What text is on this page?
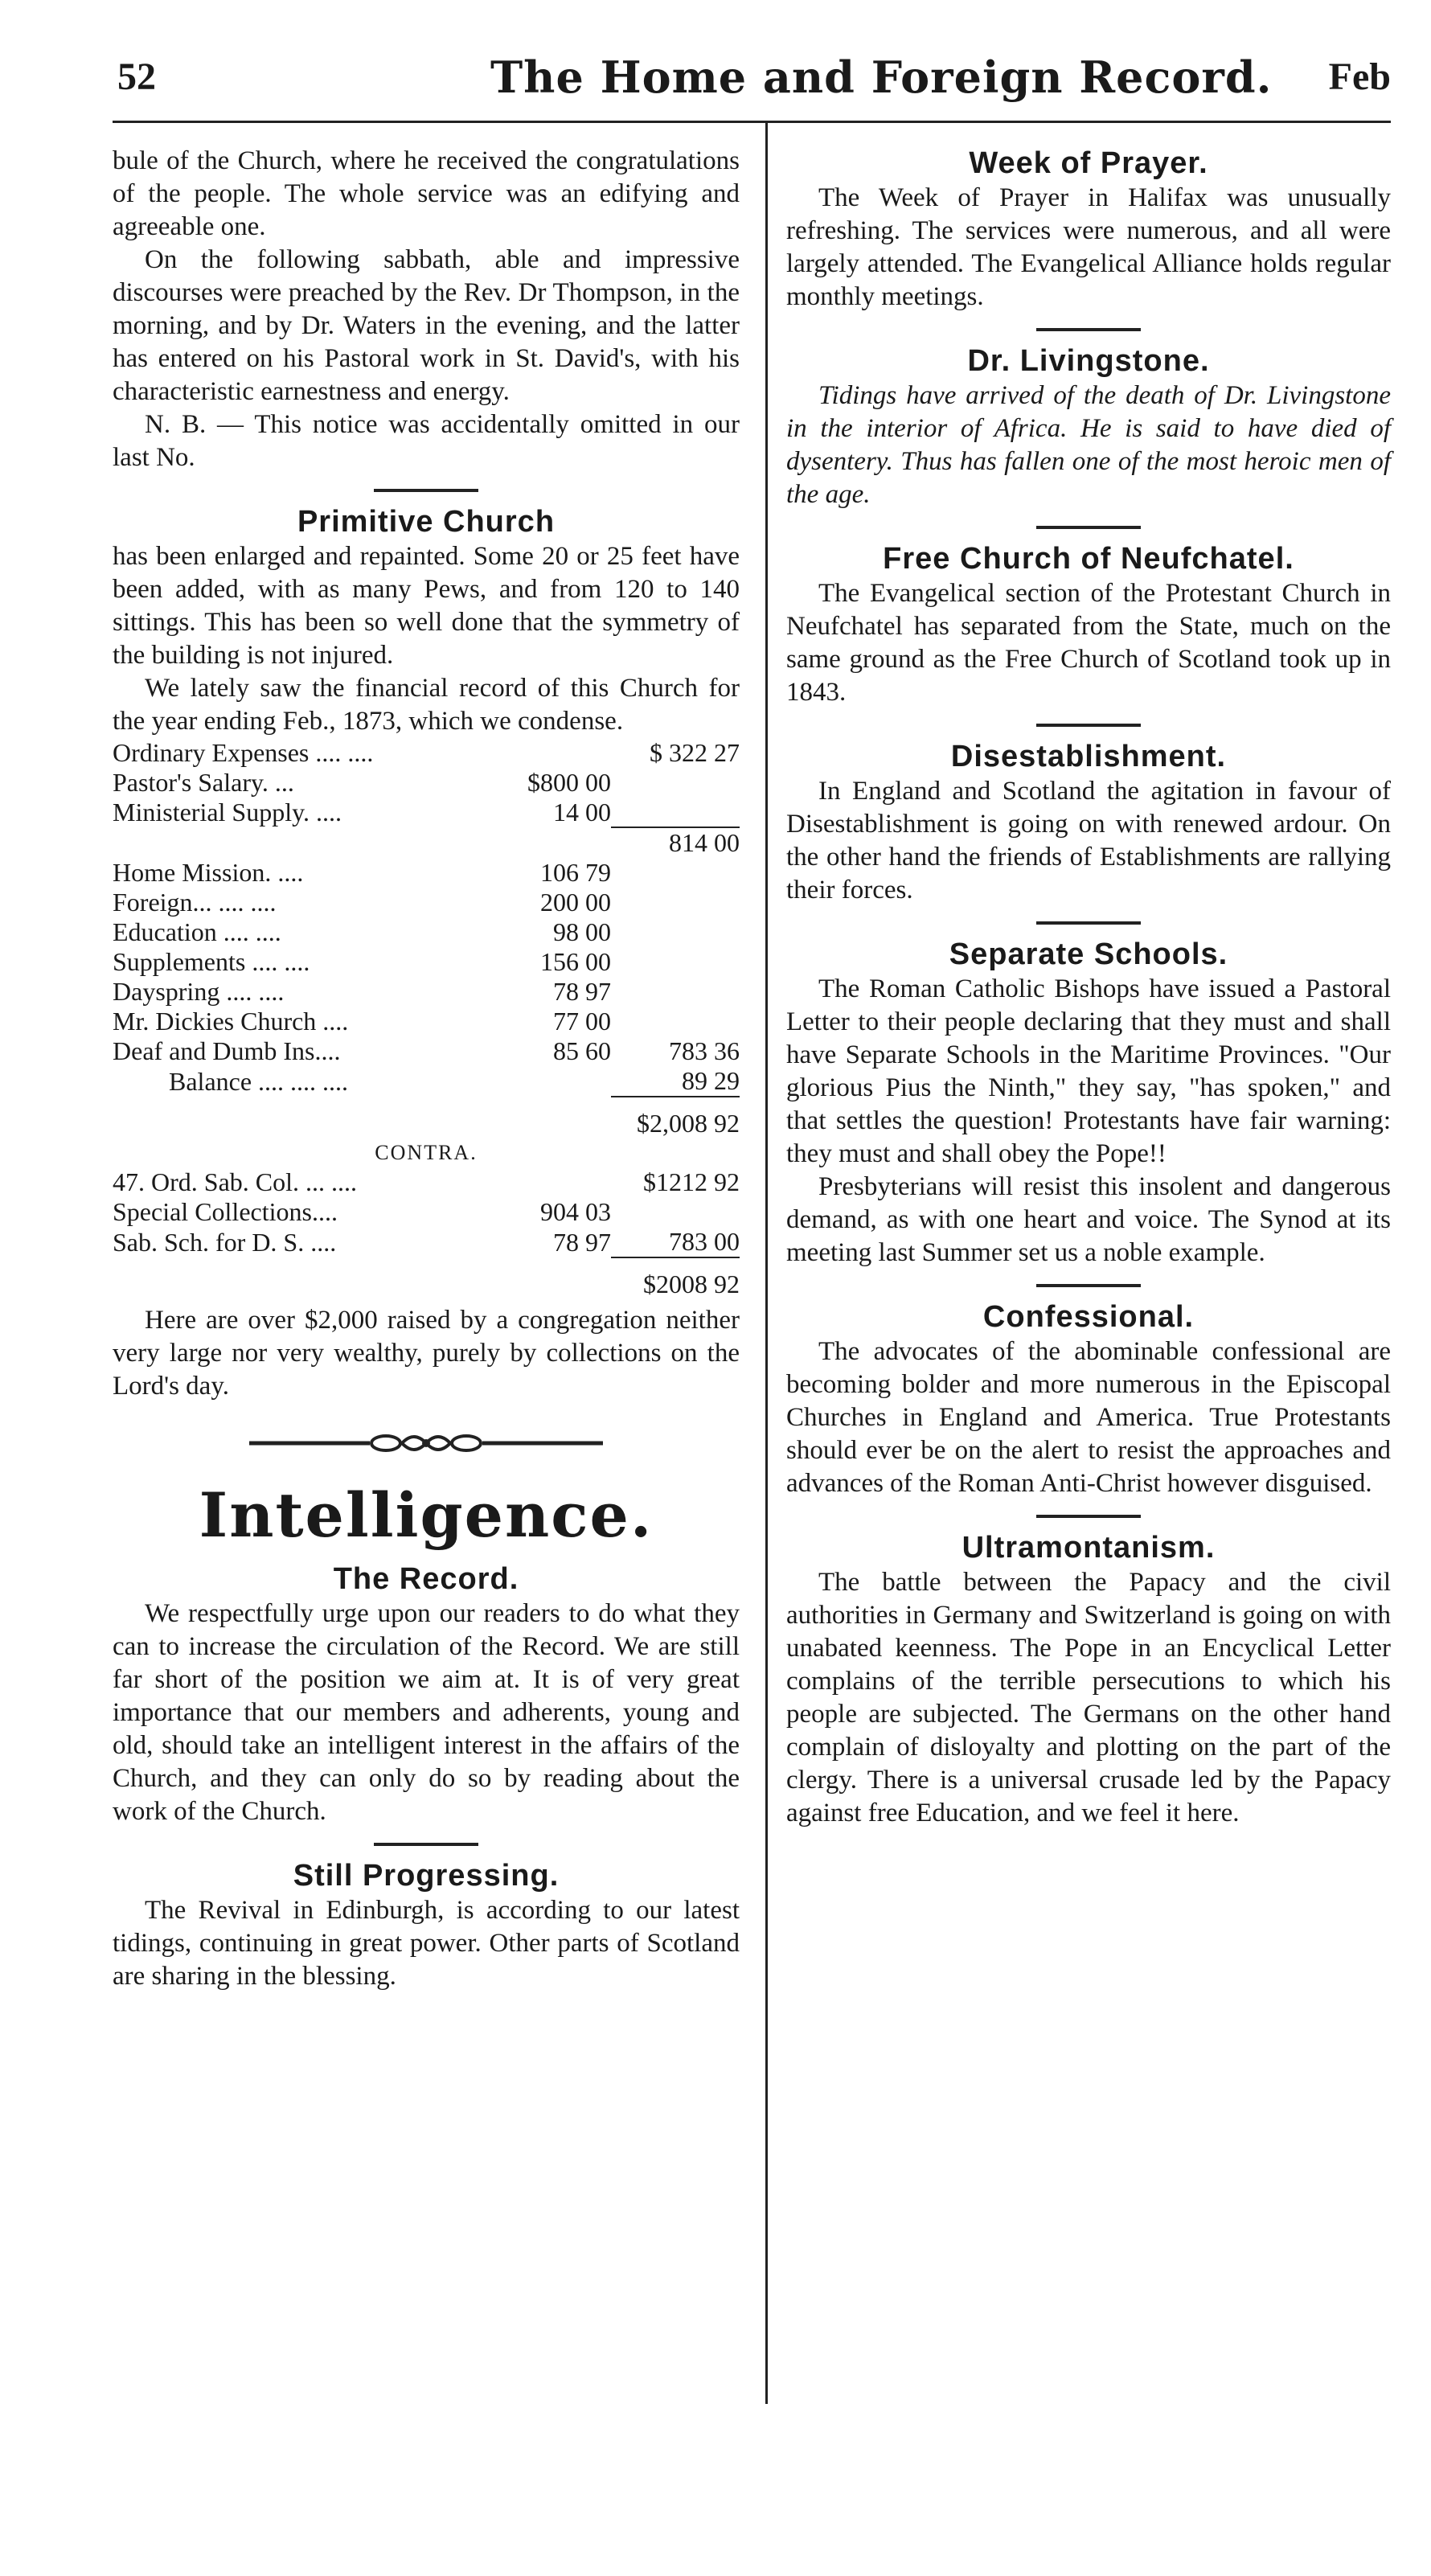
52	The Home and Foreign Record. Feb

bule of the Church, where he received the congratulations of the people. The whole service was an edifying and agreeable one.

On the following sabbath, able and impressive discourses were preached by the Rev. Dr Thompson, in the morning, and by Dr. Waters in the evening, and the latter has entered on his Pastoral work in St. David's, with his characteristic earnestness and energy.

N. B. — This notice was accidentally omitted in our last No.

Primitive Church

has been enlarged and repainted. Some 20 or 25 feet have been added, with as many Pews, and from 120 to 140 sittings. This has been so well done that the symmetry of the building is not injured.

We lately saw the financial record of this Church for the year ending Feb., 1873, which we condense.

Ordinary Expenses .... ....		$ 322 27
Pastor's Salary. ...	$800 00	
Ministerial Supply. ....	14 00	
		814 00
Home Mission. ....	106 79	
Foreign... .... ....	200 00	
Education .... ....	98 00	
Supplements .... ....	156 00	
Dayspring .... ....	78 97	
Mr. Dickies Church ....	77 00	
Deaf and Dumb Ins....	85 60	783 36
Balance .... .... ....		89 29
		$2,008 92
CONTRA.		
47. Ord. Sab. Col. ... ....		$1212 92
Special Collections....	904 03	
Sab. Sch. for D. S. ....	78 97	783 00
		$2008 92

Here are over $2,000 raised by a congregation neither very large nor very wealthy, purely by collections on the Lord's day.

Intelligence.
The Record.

We respectfully urge upon our readers to do what they can to increase the circulation of the Record. We are still far short of the position we aim at. It is of very great importance that our members and adherents, young and old, should take an intelligent interest in the affairs of the Church, and they can only do so by reading about the work of the Church.

Still Progressing.

The Revival in Edinburgh, is according to our latest tidings, continuing in great power. Other parts of Scotland are sharing in the blessing.

Week of Prayer.

The Week of Prayer in Halifax was unusually refreshing. The services were numerous, and all were largely attended. The Evangelical Alliance holds regular monthly meetings.

Dr. Livingstone.

Tidings have arrived of the death of Dr. Livingstone in the interior of Africa. He is said to have died of dysentery. Thus has fallen one of the most heroic men of the age.

Free Church of Neufchatel.

The Evangelical section of the Protestant Church in Neufchatel has separated from the State, much on the same ground as the Free Church of Scotland took up in 1843.

Disestablishment.

In England and Scotland the agitation in favour of Disestablishment is going on with renewed ardour. On the other hand the friends of Establishments are rallying their forces.

Separate Schools.

The Roman Catholic Bishops have issued a Pastoral Letter to their people declaring that they must and shall have Separate Schools in the Maritime Provinces. "Our glorious Pius the Ninth," they say, "has spoken," and that settles the question! Protestants have fair warning: they must and shall obey the Pope!!

Presbyterians will resist this insolent and dangerous demand, as with one heart and voice. The Synod at its meeting last Summer set us a noble example.

Confessional.

The advocates of the abominable confessional are becoming bolder and more numerous in the Episcopal Churches in England and America. True Protestants should ever be on the alert to resist the approaches and advances of the Roman Anti-Christ however disguised.

Ultramontanism.

The battle between the Papacy and the civil authorities in Germany and Switzerland is going on with unabated keenness. The Pope in an Encyclical Letter complains of the terrible persecutions to which his people are subjected. The Germans on the other hand complain of disloyalty and plotting on the part of the clergy. There is a universal crusade led by the Papacy against free Education, and we feel it here.
